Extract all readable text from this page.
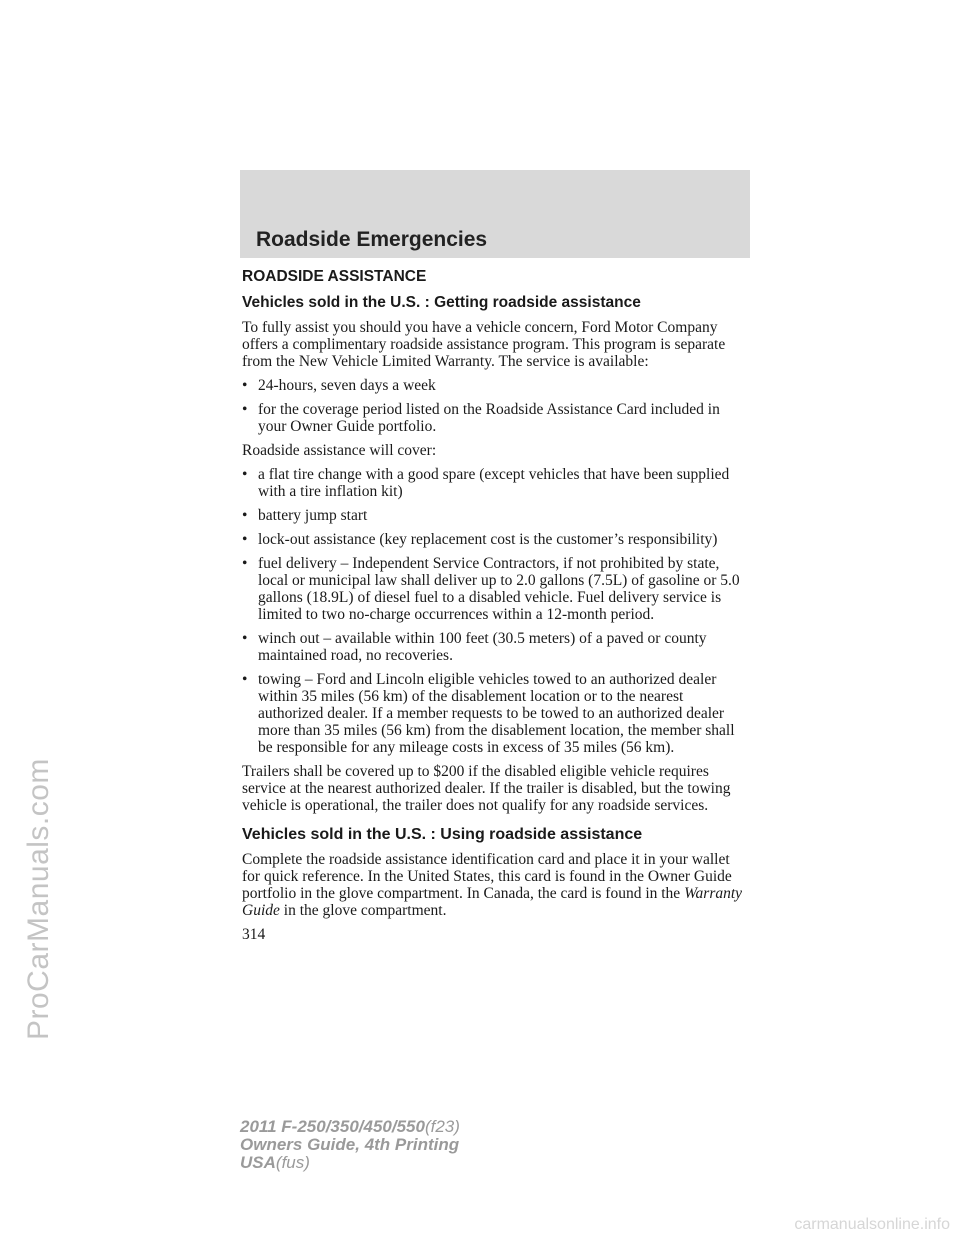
ProCarManuals.com
Roadside Emergencies
ROADSIDE ASSISTANCE
Vehicles sold in the U.S. : Getting roadside assistance

To fully assist you should you have a vehicle concern, Ford Motor Company offers a complimentary roadside assistance program. This program is separate from the New Vehicle Limited Warranty. The service is available:

• 24-hours, seven days a week
• for the coverage period listed on the Roadside Assistance Card included in your Owner Guide portfolio.

Roadside assistance will cover:

• a flat tire change with a good spare (except vehicles that have been supplied with a tire inflation kit)
• battery jump start
• lock-out assistance (key replacement cost is the customer’s responsibility)
• fuel delivery – Independent Service Contractors, if not prohibited by state, local or municipal law shall deliver up to 2.0 gallons (7.5L) of gasoline or 5.0 gallons (18.9L) of diesel fuel to a disabled vehicle. Fuel delivery service is limited to two no-charge occurrences within a 12-month period.
• winch out – available within 100 feet (30.5 meters) of a paved or county maintained road, no recoveries.
• towing – Ford and Lincoln eligible vehicles towed to an authorized dealer within 35 miles (56 km) of the disablement location or to the nearest authorized dealer. If a member requests to be towed to an authorized dealer more than 35 miles (56 km) from the disablement location, the member shall be responsible for any mileage costs in excess of 35 miles (56 km).

Trailers shall be covered up to $200 if the disabled eligible vehicle requires service at the nearest authorized dealer. If the trailer is disabled, but the towing vehicle is operational, the trailer does not qualify for any roadside services.

Vehicles sold in the U.S. : Using roadside assistance

Complete the roadside assistance identification card and place it in your wallet for quick reference. In the United States, this card is found in the Owner Guide portfolio in the glove compartment. In Canada, the card is found in the Warranty Guide in the glove compartment.

314
2011 F-250/350/450/550(f23)
Owners Guide, 4th Printing
USA(fus)
carmanualsonline.info
